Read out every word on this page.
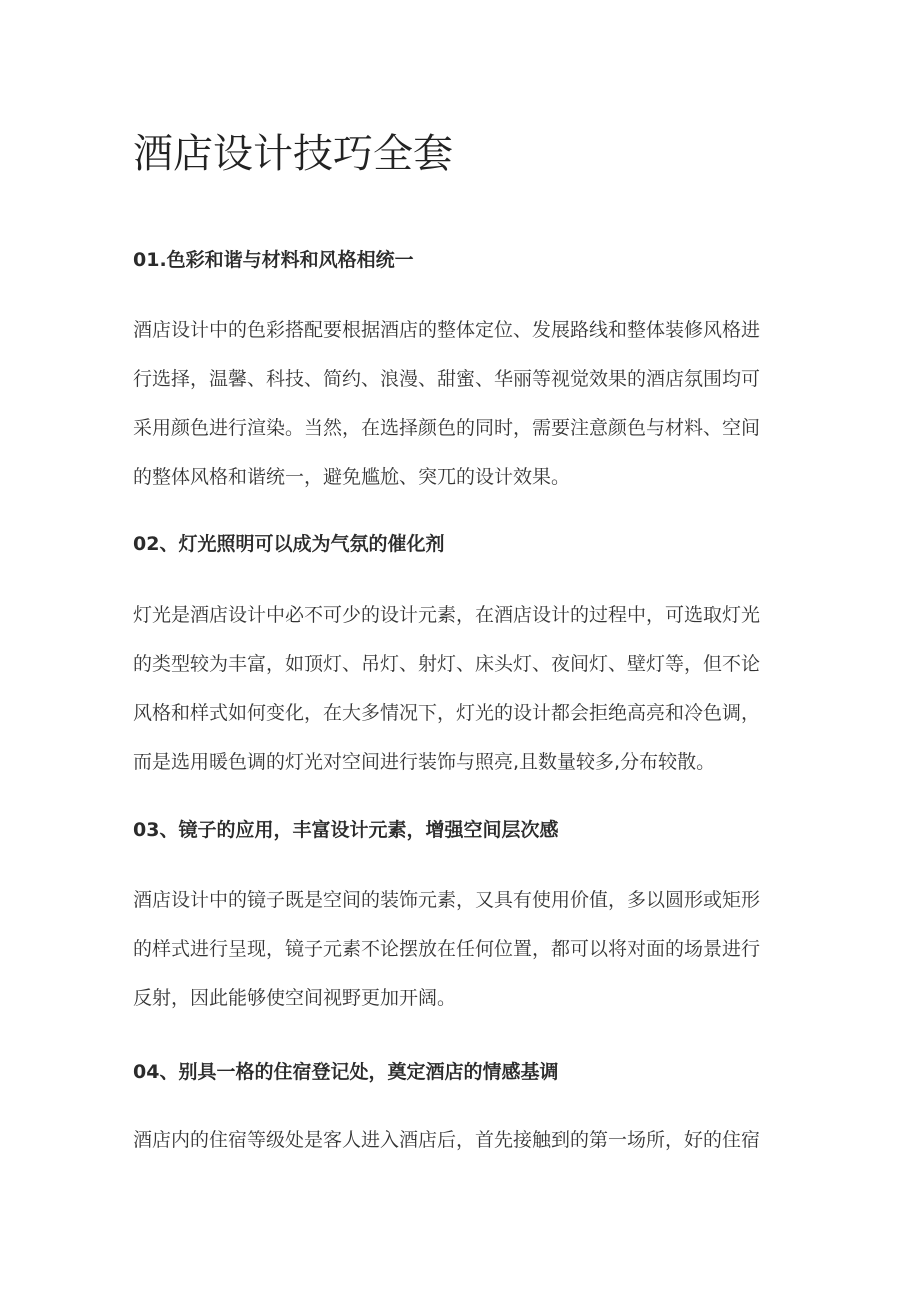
酒店设计技巧全套
01.色彩和谐与材料和风格相统一
酒店设计中的色彩搭配要根据酒店的整体定位、发展路线和整体装修风格进
行选择，温馨、科技、简约、浪漫、甜蜜、华丽等视觉效果的酒店氛围均可
采用颜色进行渲染。当然，在选择颜色的同时，需要注意颜色与材料、空间
的整体风格和谐统一，避免尴尬、突兀的设计效果。
02、灯光照明可以成为气氛的催化剂
灯光是酒店设计中必不可少的设计元素，在酒店设计的过程中，可选取灯光
的类型较为丰富，如顶灯、吊灯、射灯、床头灯、夜间灯、壁灯等，但不论
风格和样式如何变化，在大多情况下，灯光的设计都会拒绝高亮和冷色调，
而是选用暖色调的灯光对空间进行装饰与照亮,且数量较多,分布较散。
03、镜子的应用，丰富设计元素，增强空间层次感
酒店设计中的镜子既是空间的装饰元素，又具有使用价值，多以圆形或矩形
的样式进行呈现，镜子元素不论摆放在任何位置，都可以将对面的场景进行
反射，因此能够使空间视野更加开阔。
04、别具一格的住宿登记处，奠定酒店的情感基调
酒店内的住宿等级处是客人进入酒店后，首先接触到的第一场所，好的住宿
